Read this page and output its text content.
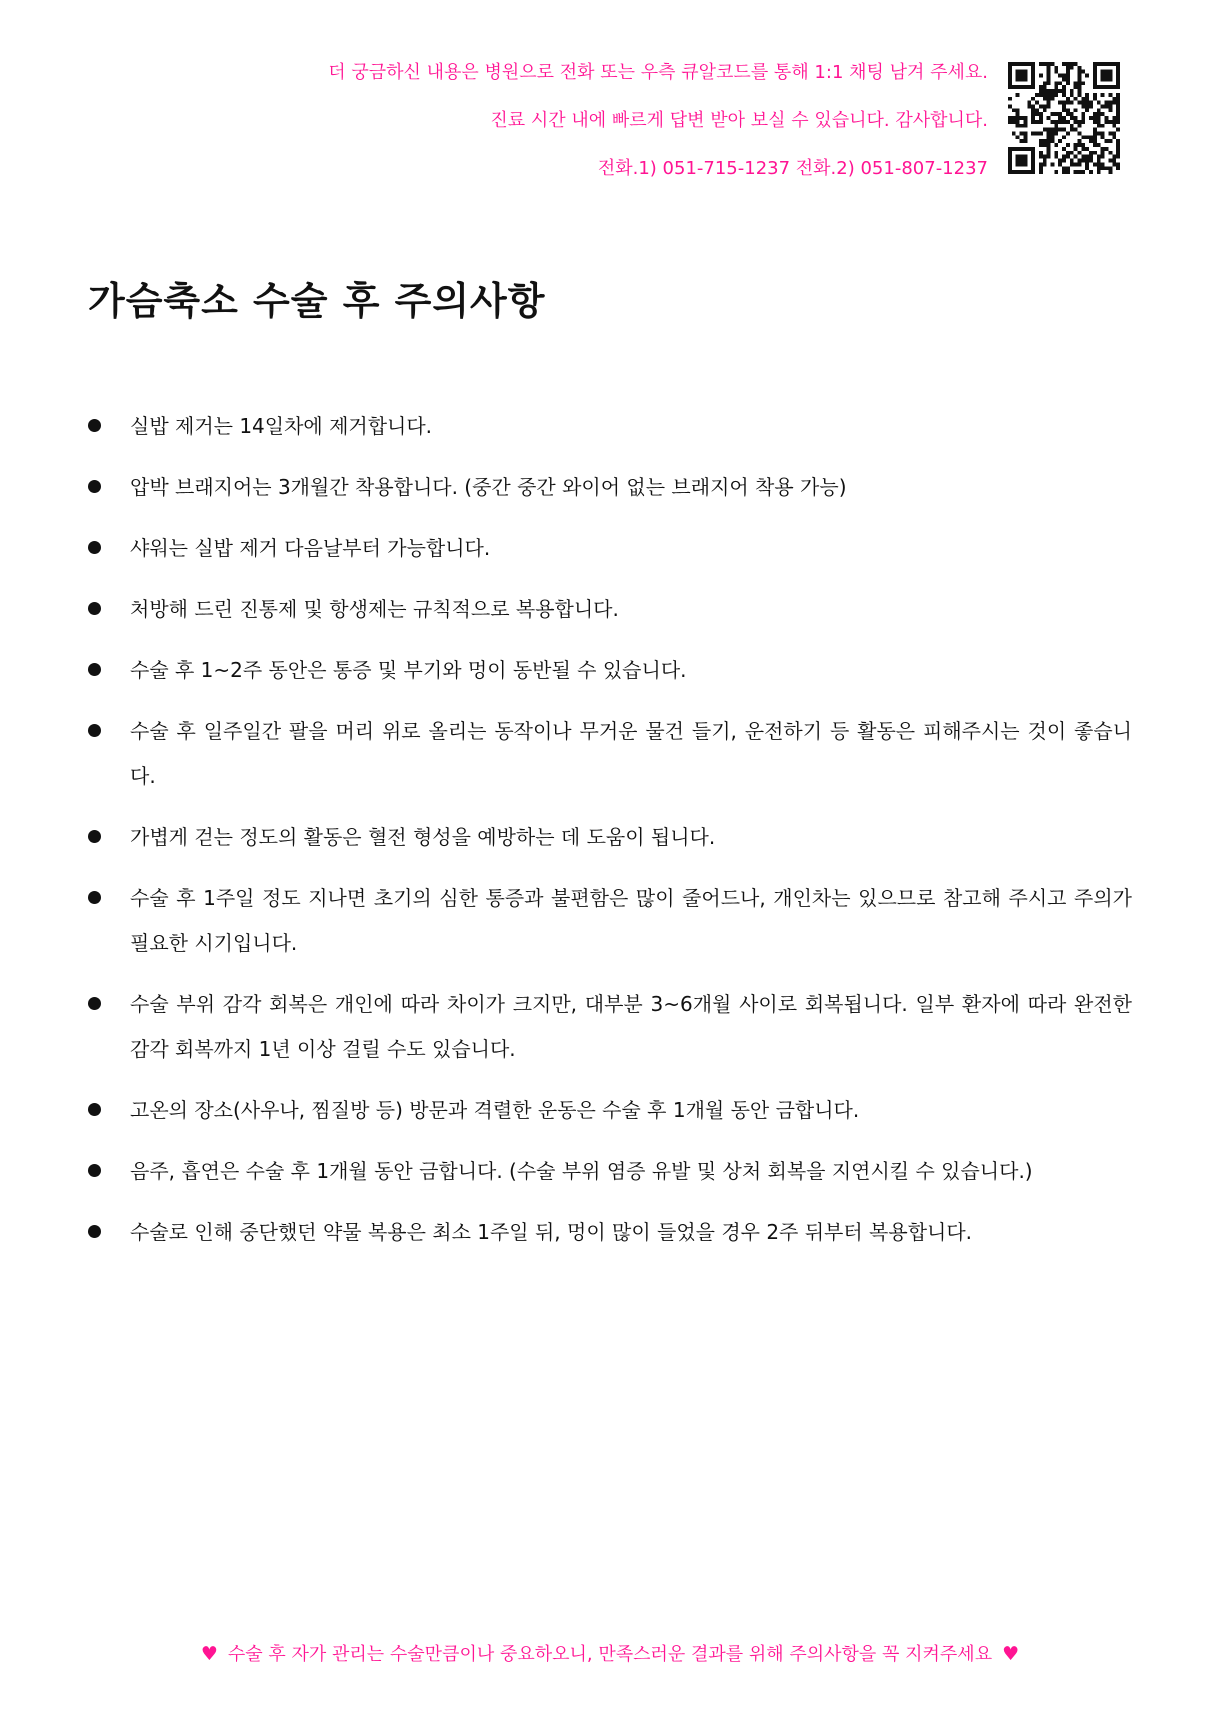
더 궁금하신 내용은 병원으로 전화 또는 우측 큐알코드를 통해 1:1 채팅 남겨 주세요.
진료 시간 내에 빠르게 답변 받아 보실 수 있습니다. 감사합니다.
전화.1) 051-715-1237 전화.2) 051-807-1237
가슴축소 수술 후 주의사항
실밥 제거는 14일차에 제거합니다.
압박 브래지어는 3개월간 착용합니다. (중간 중간 와이어 없는 브래지어 착용 가능)
샤워는 실밥 제거 다음날부터 가능합니다.
처방해 드린 진통제 및 항생제는 규칙적으로 복용합니다.
수술 후 1~2주 동안은 통증 및 부기와 멍이 동반될 수 있습니다.
수술 후 일주일간 팔을 머리 위로 올리는 동작이나 무거운 물건 들기, 운전하기 등 활동은 피해주시는 것이 좋습니다.
가볍게 걷는 정도의 활동은 혈전 형성을 예방하는 데 도움이 됩니다.
수술 후 1주일 정도 지나면 초기의 심한 통증과 불편함은 많이 줄어드나, 개인차는 있으므로 참고해 주시고 주의가 필요한 시기입니다.
수술 부위 감각 회복은 개인에 따라 차이가 크지만, 대부분 3~6개월 사이로 회복됩니다. 일부 환자에 따라 완전한 감각 회복까지 1년 이상 걸릴 수도 있습니다.
고온의 장소(사우나, 찜질방 등) 방문과 격렬한 운동은 수술 후 1개월 동안 금합니다.
음주, 흡연은 수술 후 1개월 동안 금합니다. (수술 부위 염증 유발 및 상처 회복을 지연시킬 수 있습니다.)
수술로 인해 중단했던 약물 복용은 최소 1주일 뒤, 멍이 많이 들었을 경우 2주 뒤부터 복용합니다.
♥ 수술 후 자가 관리는 수술만큼이나 중요하오니, 만족스러운 결과를 위해 주의사항을 꼭 지켜주세요 ♥
